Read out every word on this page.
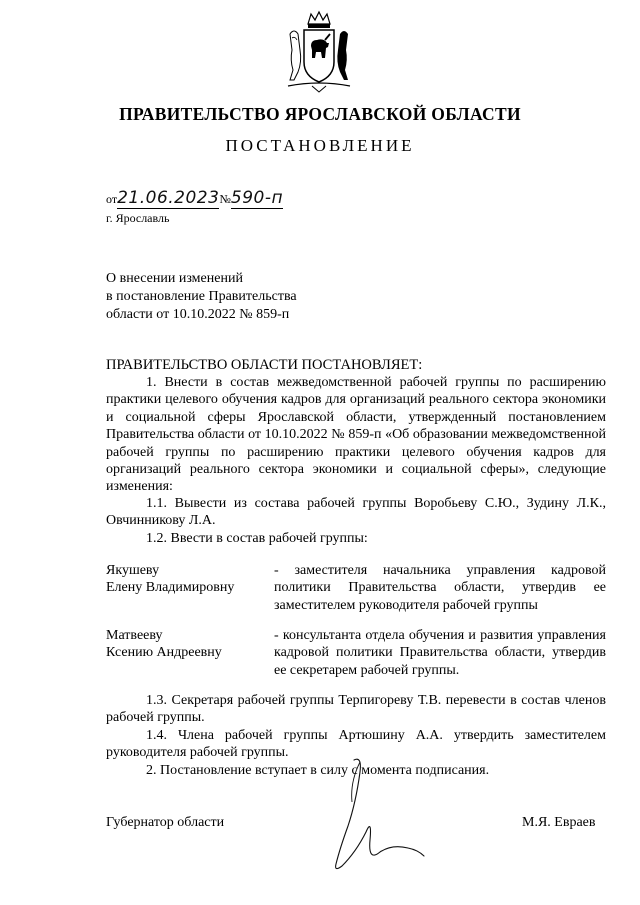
ПРАВИТЕЛЬСТВО ЯРОСЛАВСКОЙ ОБЛАСТИ
ПОСТАНОВЛЕНИЕ
от21.06.2023№590-п
г. Ярославль
О внесении изменений
в постановление Правительства
области от 10.10.2022 № 859-п
ПРАВИТЕЛЬСТВО ОБЛАСТИ ПОСТАНОВЛЯЕТ:
1. Внести в состав межведомственной рабочей группы по расширению практики целевого обучения кадров для организаций реального сектора экономики и социальной сферы Ярославской области, утвержденный постановлением Правительства области от 10.10.2022 № 859-п «Об образовании межведомственной рабочей группы по расширению практики целевого обучения кадров для организаций реального сектора экономики и социальной сферы», следующие изменения:
1.1. Вывести из состава рабочей группы Воробьеву С.Ю., Зудину Л.К., Овчинникову Л.А.
1.2. Ввести в состав рабочей группы:
Якушеву
Елену Владимировну
- заместителя начальника управления кадровой политики Правительства области, утвердив ее заместителем руководителя рабочей группы
Матвееву
Ксению Андреевну
- консультанта отдела обучения и развития управления кадровой политики Правительства области, утвердив ее секретарем рабочей группы.
1.3. Секретаря рабочей группы Терпигореву Т.В. перевести в состав членов рабочей группы.
1.4. Члена рабочей группы Артюшину А.А. утвердить заместителем руководителя рабочей группы.
2. Постановление вступает в силу с момента подписания.
Губернатор области	М.Я. Евраев
